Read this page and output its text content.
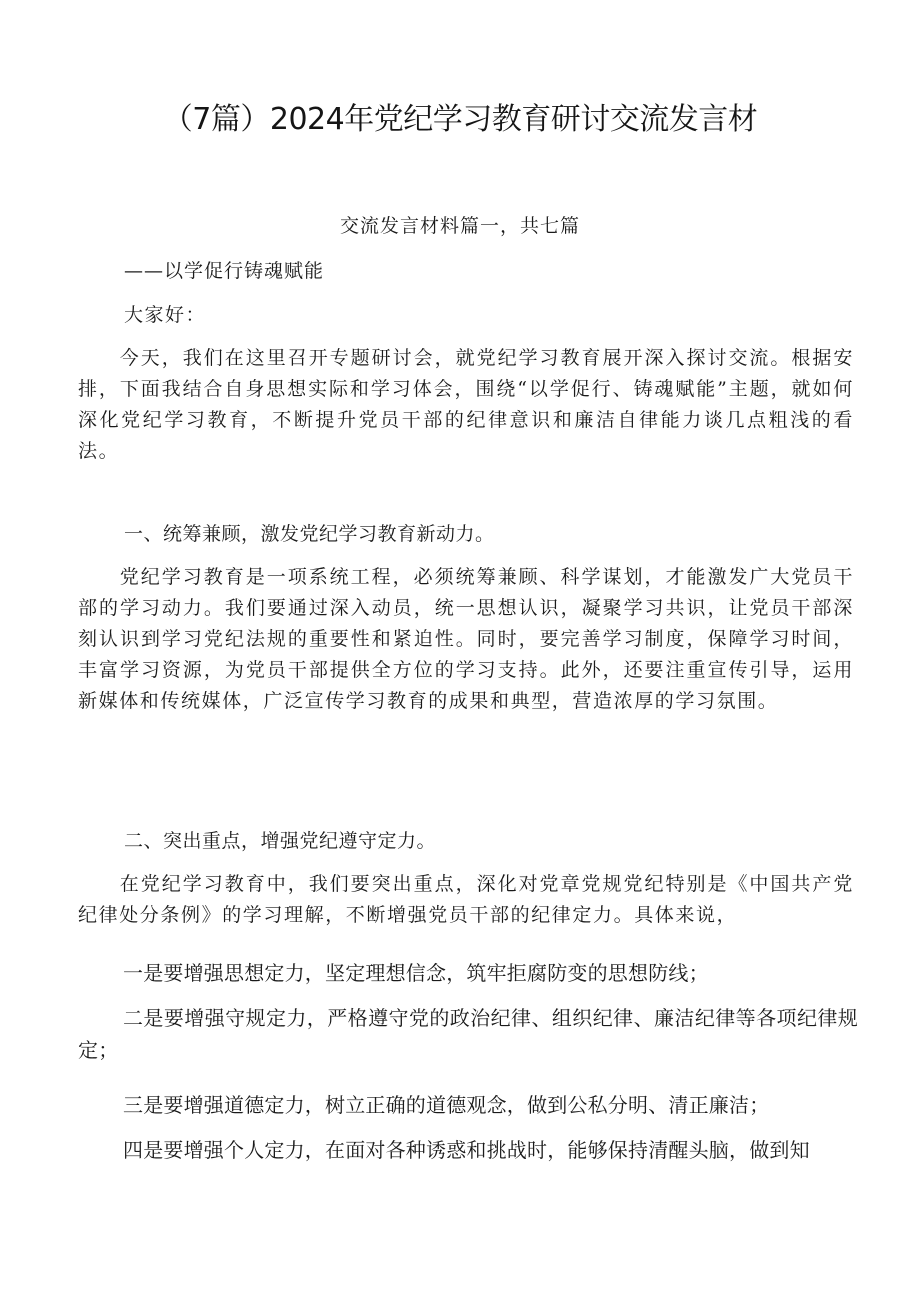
（7篇）2024年党纪学习教育研讨交流发言材
交流发言材料篇一，共七篇
——以学促行铸魂赋能
大家好：
今天，我们在这里召开专题研讨会，就党纪学习教育展开深入探讨交流。根据安排，下面我结合自身思想实际和学习体会，围绕“以学促行、铸魂赋能”主题，就如何深化党纪学习教育，不断提升党员干部的纪律意识和廉洁自律能力谈几点粗浅的看法。
一、统筹兼顾，激发党纪学习教育新动力。
党纪学习教育是一项系统工程，必须统筹兼顾、科学谋划，才能激发广大党员干部的学习动力。我们要通过深入动员，统一思想认识，凝聚学习共识，让党员干部深刻认识到学习党纪法规的重要性和紧迫性。同时，要完善学习制度，保障学习时间，丰富学习资源，为党员干部提供全方位的学习支持。此外，还要注重宣传引导，运用新媒体和传统媒体，广泛宣传学习教育的成果和典型，营造浓厚的学习氛围。
二、突出重点，增强党纪遵守定力。
在党纪学习教育中，我们要突出重点，深化对党章党规党纪特别是《中国共产党纪律处分条例》的学习理解，不断增强党员干部的纪律定力。具体来说，
一是要增强思想定力，坚定理想信念，筑牢拒腐防变的思想防线；
二是要增强守规定力，严格遵守党的政治纪律、组织纪律、廉洁纪律等各项纪律规定；
三是要增强道德定力，树立正确的道德观念，做到公私分明、清正廉洁；
四是要增强个人定力，在面对各种诱惑和挑战时，能够保持清醒头脑，做到知
